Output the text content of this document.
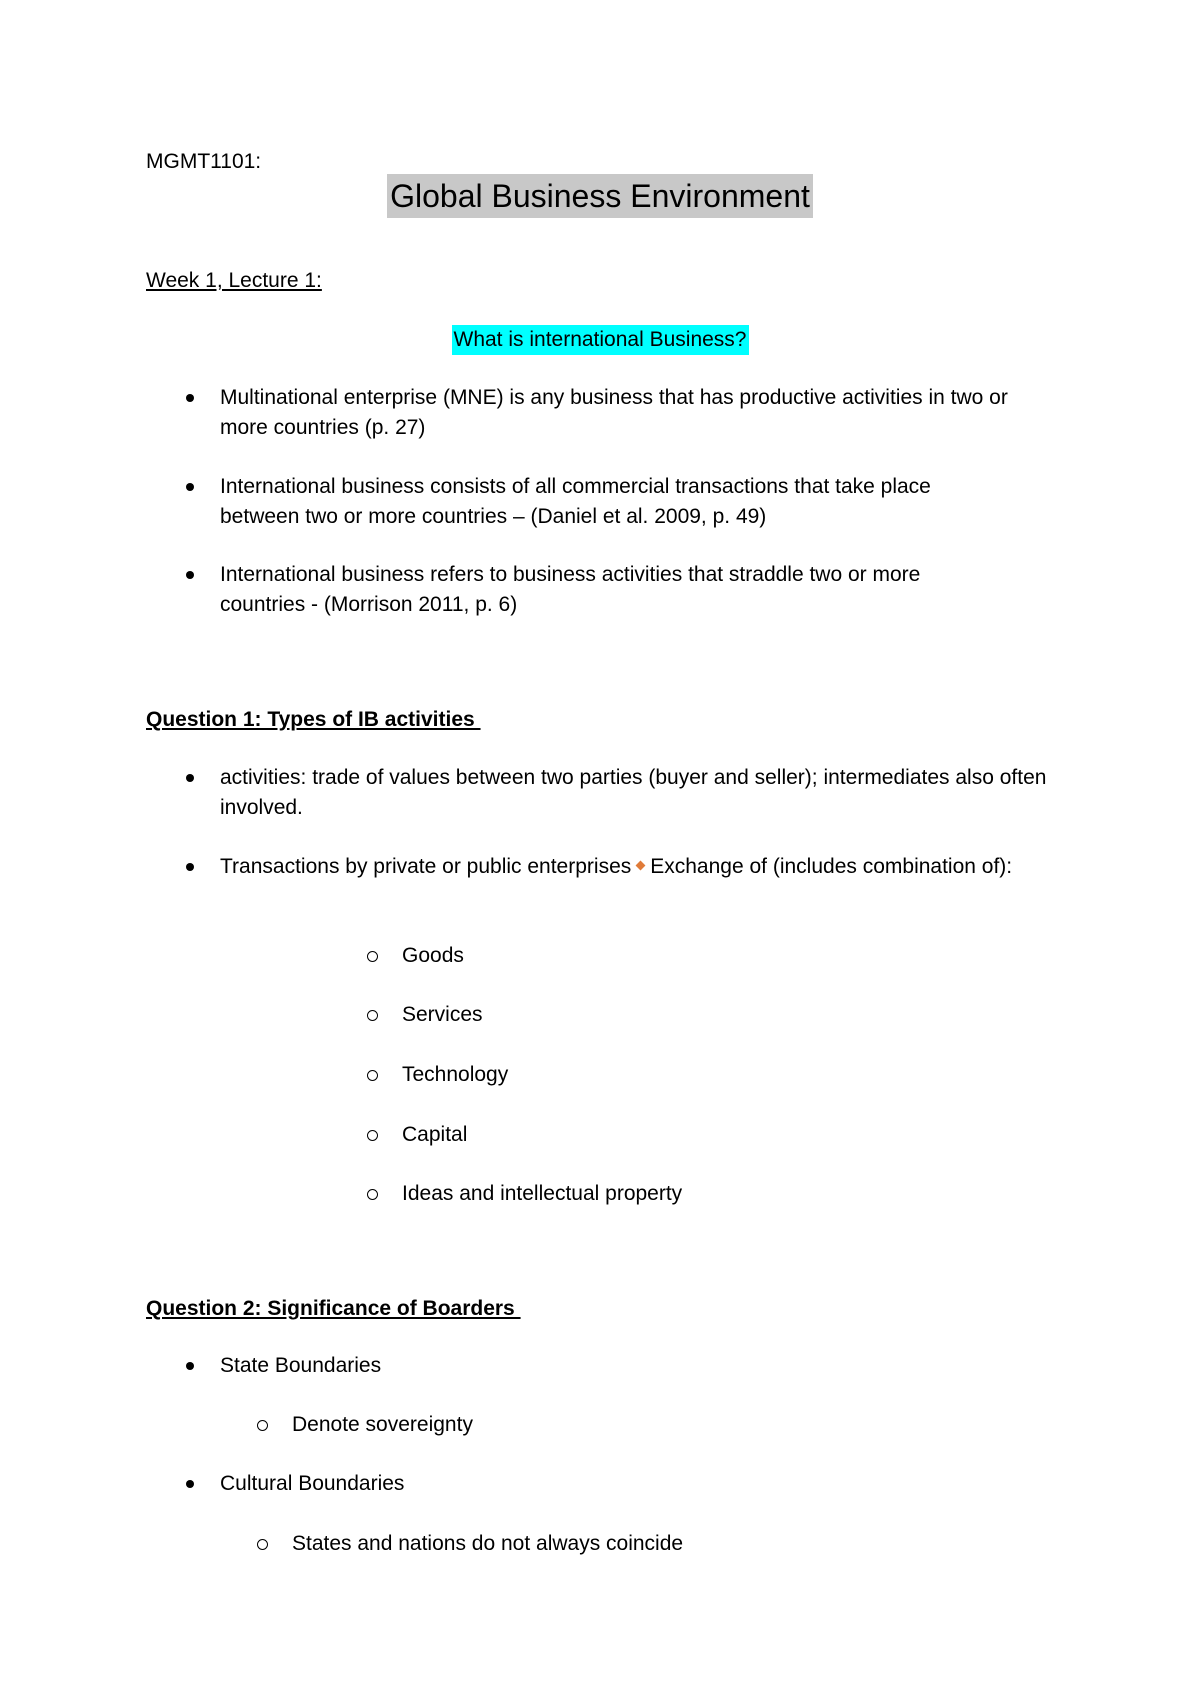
MGMT1101:
Global Business Environment
Week 1, Lecture 1:
What is international Business?
Multinational enterprise (MNE) is any business that has productive activities in two or more countries (p. 27)
International business consists of all commercial transactions that take place between two or more countries – (Daniel et al. 2009, p. 49)
International business refers to business activities that straddle two or more countries - (Morrison 2011, p. 6)
Question 1: Types of IB activities
activities: trade of values between two parties (buyer and seller); intermediates also often involved.
Transactions by private or public enterprises Exchange of (includes combination of):
Goods
Services
Technology
Capital
Ideas and intellectual property
Question 2: Significance of Boarders
State Boundaries
Denote sovereignty
Cultural Boundaries
States and nations do not always coincide
